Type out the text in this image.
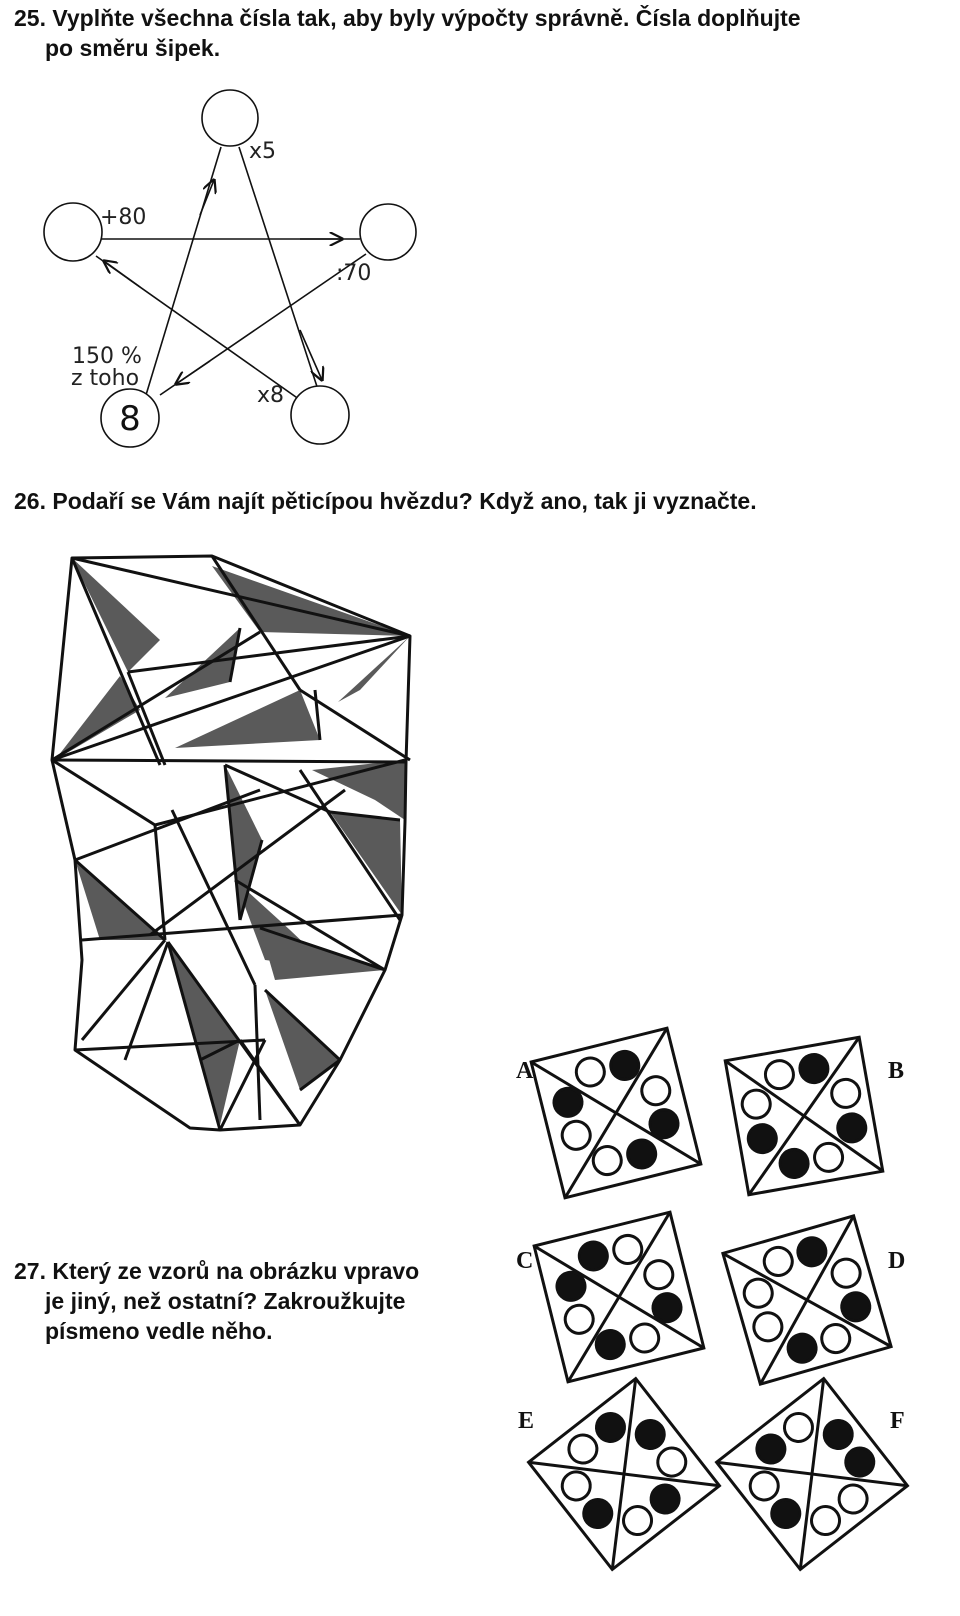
25. Vyplňte všechna čísla tak, aby byly výpočty správně. Čísla doplňujte
po směru šipek.
26. Podaří se Vám najít pěticípou hvězdu? Když ano, tak ji vyznačte.
27. Který ze vzorů na obrázku vpravo
je jiný, než ostatní? Zakroužkujte
písmeno vedle něho.
x5
+80
:70
150 %
z toho
x8
8
A	B
C	D
E	F
